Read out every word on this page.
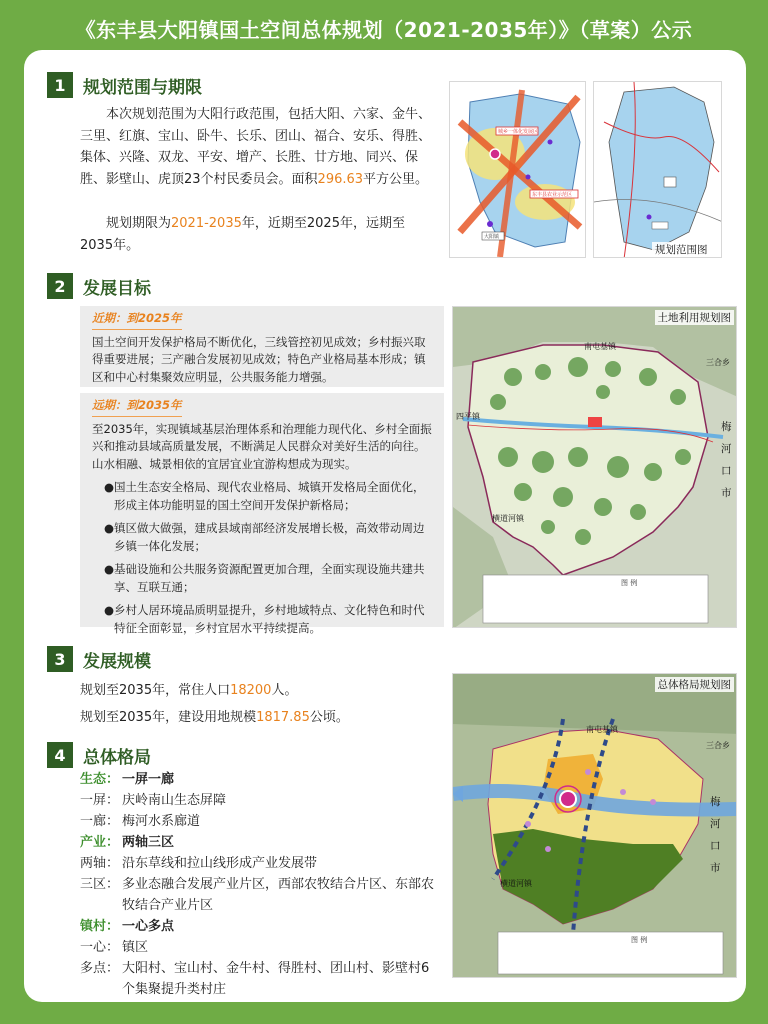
《东丰县大阳镇国土空间总体规划（2021-2035年）》（草案）公示
1	规划范围与期限
本次规划范围为大阳行政范围，包括大阳、六家、金牛、三里、红旗、宝山、卧牛、长乐、团山、福合、安乐、得胜、集体、兴隆、双龙、平安、增产、长胜、廿方地、同兴、保胜、影壁山、虎顶23个村民委员会。面积296.63平方公里。
规划期限为2021-2035年，近期至2025年，远期至2035年。
城乡一体化发展区
东丰县农业示范区
大阳镇
规划范围图
2	发展目标
近期：到2025年
国土空间开发保护格局不断优化，三线管控初见成效；乡村振兴取得重要进展；三产融合发展初见成效；特色产业格局基本形成；镇区和中心村集聚效应明显，公共服务能力增强。
远期：到2035年
至2035年，实现镇域基层治理体系和治理能力现代化、乡村全面振兴和推动县域高质量发展，不断满足人民群众对美好生活的向往。山水相融、城景相依的宜居宜业宜游构想成为现实。
●国土生态安全格局、现代农业格局、城镇开发格局全面优化，形成主体功能明显的国土空间开发保护新格局；
●镇区做大做强，建成县域南部经济发展增长极，高效带动周边乡镇一体化发展；
●基础设施和公共服务资源配置更加合理，全面实现设施共建共享、互联互通；
●乡村人居环境品质明显提升，乡村地域特点、文化特色和时代特征全面彰显，乡村宜居水平持续提高。
土地利用规划图
南屯基镇
三合乡
四平镇
梅
河
口
市
横道河镇
图 例
3	发展规模
规划至2035年，常住人口18200人。
规划至2035年，建设用地规模1817.85公顷。
4	总体格局
生态： 一屏一廊
一屏： 庆岭南山生态屏障
一廊： 梅河水系廊道
产业： 两轴三区
两轴： 沿东草线和拉山线形成产业发展带
三区： 多业态融合发展产业片区，西部农牧结合片区、东部农牧结合产业片区
镇村： 一心多点
一心： 镇区
多点： 大阳村、宝山村、金牛村、得胜村、团山村、影壁村6个集聚提升类村庄
总体格局规划图
南屯基镇
三合乡
梅
河
口
市
横道河镇
图 例
